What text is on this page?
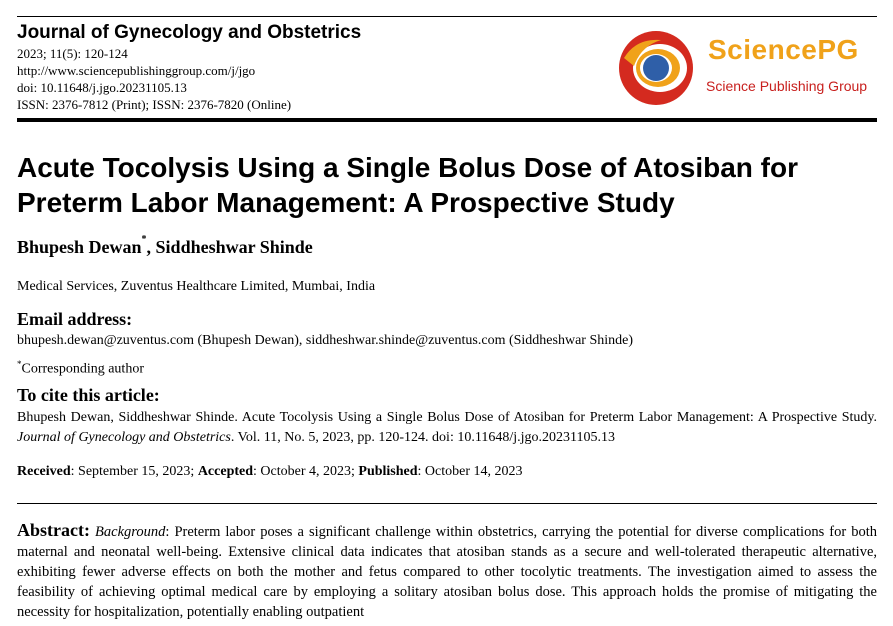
Journal of Gynecology and Obstetrics
2023; 11(5): 120-124
http://www.sciencepublishinggroup.com/j/jgo
doi: 10.11648/j.jgo.20231105.13
ISSN: 2376-7812 (Print); ISSN: 2376-7820 (Online)
SciencePG
Science Publishing Group
Acute Tocolysis Using a Single Bolus Dose of Atosiban for Preterm Labor Management: A Prospective Study
Bhupesh Dewan*, Siddheshwar Shinde
Medical Services, Zuventus Healthcare Limited, Mumbai, India
Email address:
bhupesh.dewan@zuventus.com (Bhupesh Dewan), siddheshwar.shinde@zuventus.com (Siddheshwar Shinde)
*Corresponding author
To cite this article:
Bhupesh Dewan, Siddheshwar Shinde. Acute Tocolysis Using a Single Bolus Dose of Atosiban for Preterm Labor Management: A Prospective Study. Journal of Gynecology and Obstetrics. Vol. 11, No. 5, 2023, pp. 120-124. doi: 10.11648/j.jgo.20231105.13
Received: September 15, 2023; Accepted: October 4, 2023; Published: October 14, 2023
Abstract: Background: Preterm labor poses a significant challenge within obstetrics, carrying the potential for diverse complications for both maternal and neonatal well-being. Extensive clinical data indicates that atosiban stands as a secure and well-tolerated therapeutic alternative, exhibiting fewer adverse effects on both the mother and fetus compared to other tocolytic treatments. The investigation aimed to assess the feasibility of achieving optimal medical care by employing a solitary atosiban bolus dose. This approach holds the promise of mitigating the necessity for hospitalization, potentially enabling outpatient
